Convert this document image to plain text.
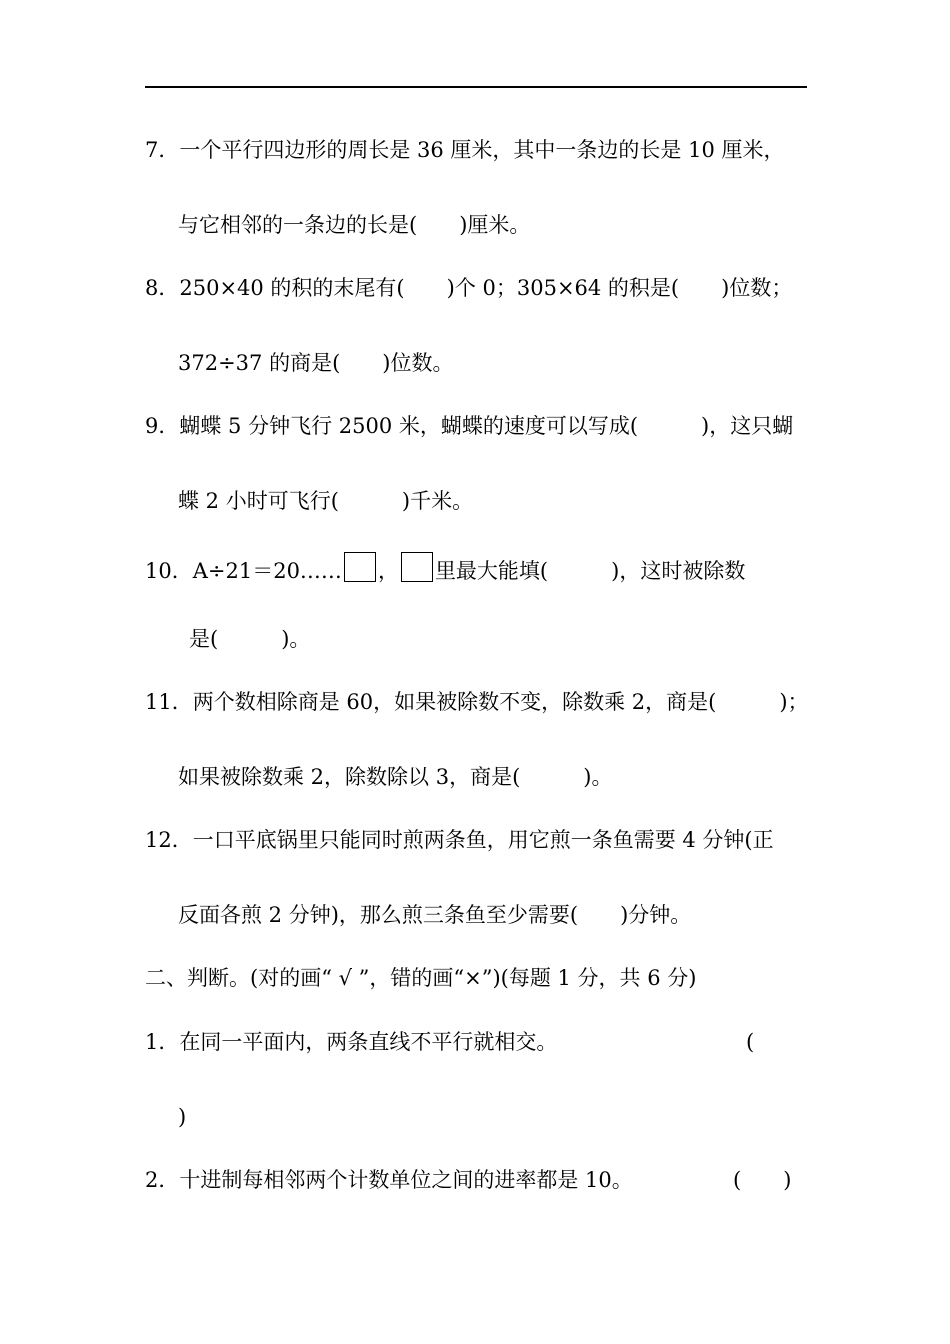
7．一个平行四边形的周长是 36 厘米，其中一条边的长是 10 厘米，
与它相邻的一条边的长是(　　)厘米。
8．250×40 的积的末尾有(　　)个 0；305×64 的积是(　　)位数；
372÷37 的商是(　　)位数。
9．蝴蝶 5 分钟飞行 2500 米，蝴蝶的速度可以写成(　　　)，这只蝴
蝶 2 小时可飞行(　　　)千米。
10．A÷21＝20…… ， 里最大能填(　　　)，这时被除数
是(　　　)。
11．两个数相除商是 60，如果被除数不变，除数乘 2，商是(　　　)；
如果被除数乘 2，除数除以 3，商是(　　　)。
12．一口平底锅里只能同时煎两条鱼，用它煎一条鱼需要 4 分钟(正
反面各煎 2 分钟)，那么煎三条鱼至少需要(　　)分钟。
二、判断。(对的画“ √ ”，错的画“×”)(每题 1 分，共 6 分)
1．在同一平面内，两条直线不平行就相交。	(
)
2．十进制每相邻两个计数单位之间的进率都是 10。	(　　)
